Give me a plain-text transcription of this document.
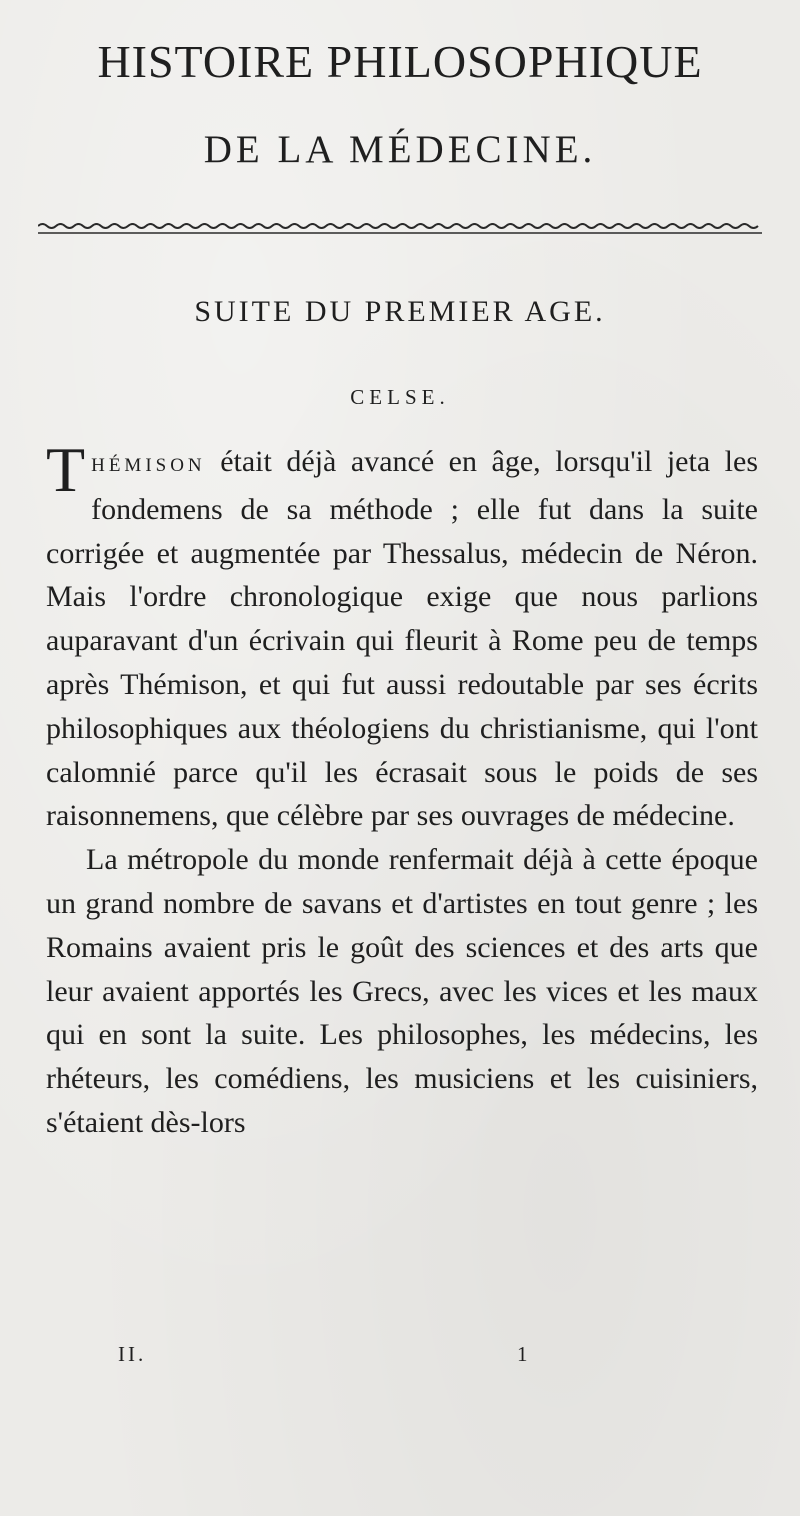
HISTOIRE PHILOSOPHIQUE
DE LA MÉDECINE.
SUITE DU PREMIER AGE.
CELSE.

THÉMISON était déjà avancé en âge, lorsqu'il jeta les fondemens de sa méthode ; elle fut dans la suite corrigée et augmentée par Thessalus, médecin de Néron. Mais l'ordre chronologique exige que nous parlions auparavant d'un écrivain qui fleurit à Rome peu de temps après Thémison, et qui fut aussi redoutable par ses écrits philosophiques aux théologiens du christianisme, qui l'ont calomnié parce qu'il les écrasait sous le poids de ses raisonnemens, que célèbre par ses ouvrages de médecine.

La métropole du monde renfermait déjà à cette époque un grand nombre de savans et d'artistes en tout genre ; les Romains avaient pris le goût des sciences et des arts que leur avaient apportés les Grecs, avec les vices et les maux qui en sont la suite. Les philosophes, les médecins, les rhéteurs, les comédiens, les musiciens et les cuisiniers, s'étaient dès-lors

II.	1
